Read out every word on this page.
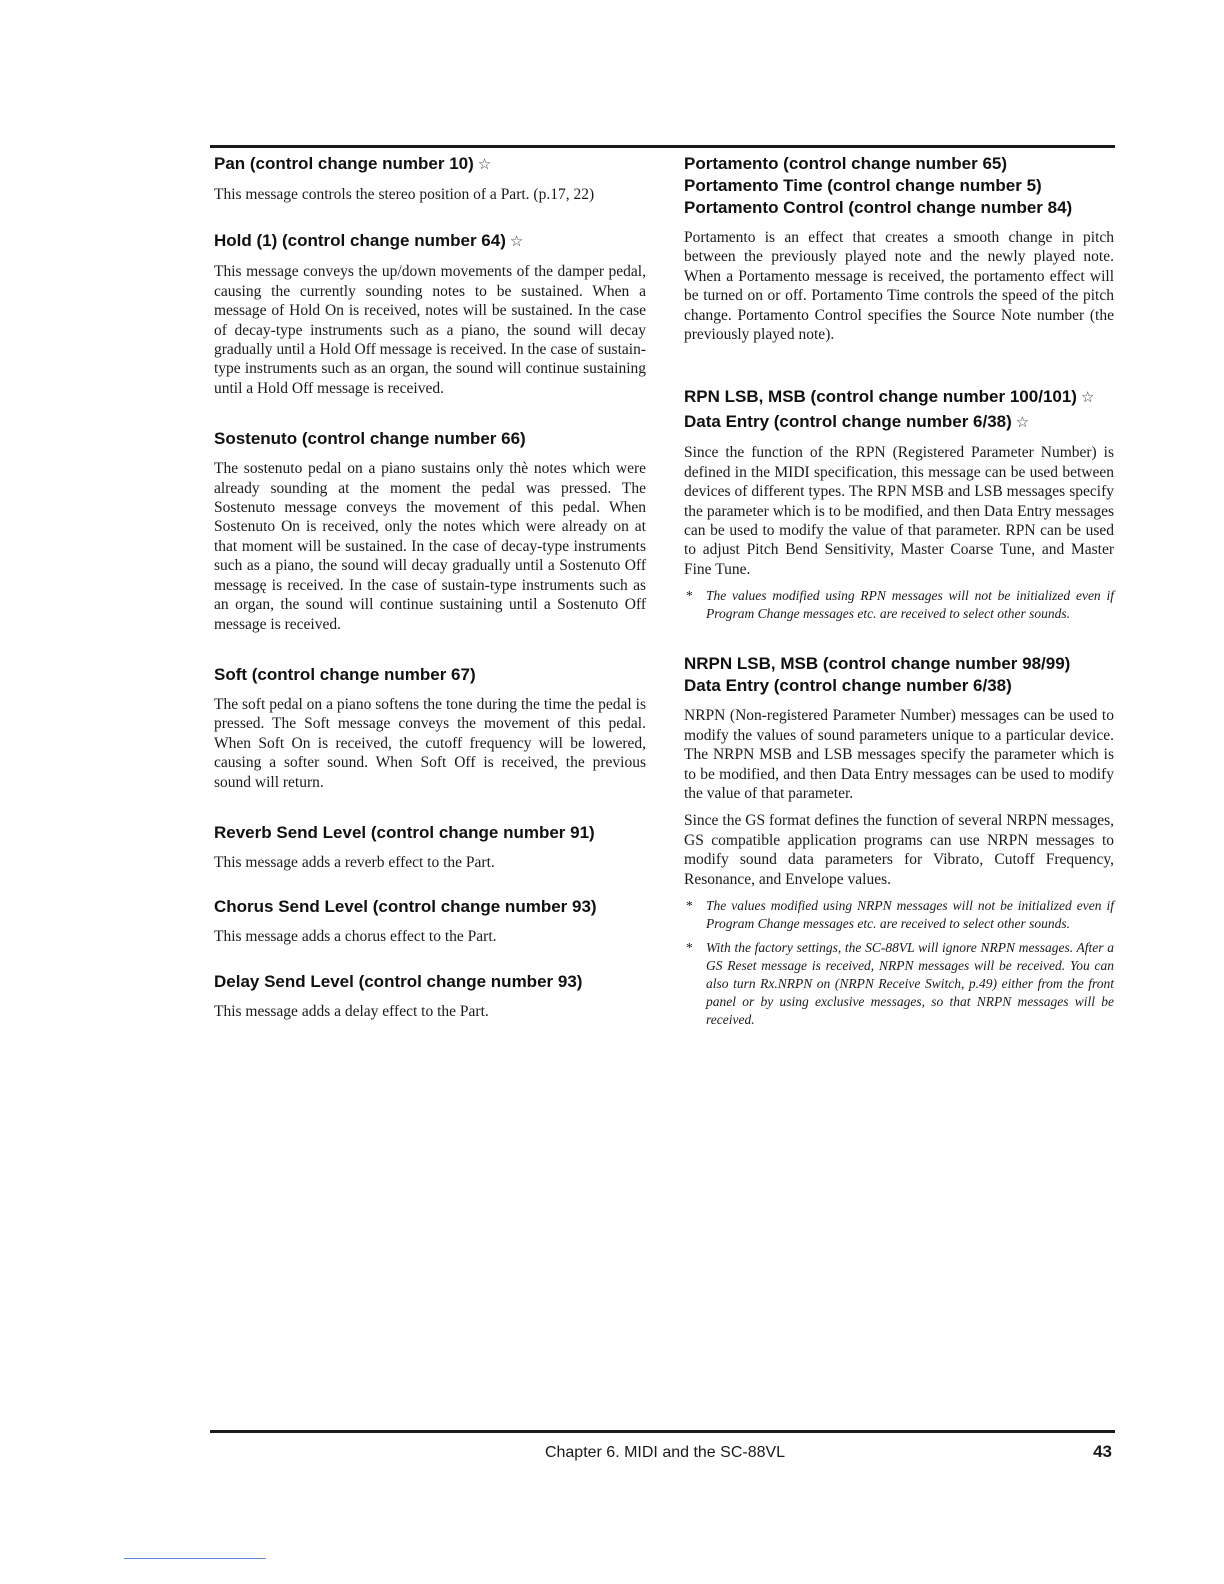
Pan (control change number 10) ☆

This message controls the stereo position of a Part. (p.17, 22)

Hold (1) (control change number 64) ☆

This message conveys the up/down movements of the damper pedal, causing the currently sounding notes to be sustained. When a message of Hold On is received, notes will be sustained. In the case of decay-type instruments such as a piano, the sound will decay gradually until a Hold Off message is received. In the case of sustain-type instruments such as an organ, the sound will continue sustaining until a Hold Off message is received.

Sostenuto (control change number 66)

The sostenuto pedal on a piano sustains only thè notes which were already sounding at the moment the pedal was pressed. The Sostenuto message conveys the movement of this pedal. When Sostenuto On is received, only the notes which were already on at that moment will be sustained. In the case of decay-type instruments such as a piano, the sound will decay gradually until a Sostenuto Off messagę is received. In the case of sustain-type instruments such as an organ, the sound will continue sustaining until a Sostenuto Off message is received.

Soft (control change number 67)

The soft pedal on a piano softens the tone during the time the pedal is pressed. The Soft message conveys the movement of this pedal. When Soft On is received, the cutoff frequency will be lowered, causing a softer sound. When Soft Off is received, the previous sound will return.

Reverb Send Level (control change number 91)

This message adds a reverb effect to the Part.

Chorus Send Level (control change number 93)

This message adds a chorus effect to the Part.

Delay Send Level (control change number 93)

This message adds a delay effect to the Part.

Portamento (control change number 65)
Portamento Time (control change number 5)
Portamento Control (control change number 84)

Portamento is an effect that creates a smooth change in pitch between the previously played note and the newly played note. When a Portamento message is received, the portamento effect will be turned on or off. Portamento Time controls the speed of the pitch change. Portamento Control specifies the Source Note number (the previously played note).

RPN LSB, MSB (control change number 100/101) ☆
Data Entry (control change number 6/38) ☆

Since the function of the RPN (Registered Parameter Number) is defined in the MIDI specification, this message can be used between devices of different types. The RPN MSB and LSB messages specify the parameter which is to be modified, and then Data Entry messages can be used to modify the value of that parameter. RPN can be used to adjust Pitch Bend Sensitivity, Master Coarse Tune, and Master Fine Tune.

* The values modified using RPN messages will not be initialized even if Program Change messages etc. are received to select other sounds.
NRPN LSB, MSB (control change number 98/99)
Data Entry (control change number 6/38)

NRPN (Non-registered Parameter Number) messages can be used to modify the values of sound parameters unique to a particular device. The NRPN MSB and LSB messages specify the parameter which is to be modified, and then Data Entry messages can be used to modify the value of that parameter.

Since the GS format defines the function of several NRPN messages, GS compatible application programs can use NRPN messages to modify sound data parameters for Vibrato, Cutoff Frequency, Resonance, and Envelope values.

* The values modified using NRPN messages will not be initialized even if Program Change messages etc. are received to select other sounds.
* With the factory settings, the SC-88VL will ignore NRPN messages. After a GS Reset message is received, NRPN messages will be received. You can also turn Rx.NRPN on (NRPN Receive Switch, p.49) either from the front panel or by using exclusive messages, so that NRPN messages will be received.
Chapter 6. MIDI and the SC-88VL	43
